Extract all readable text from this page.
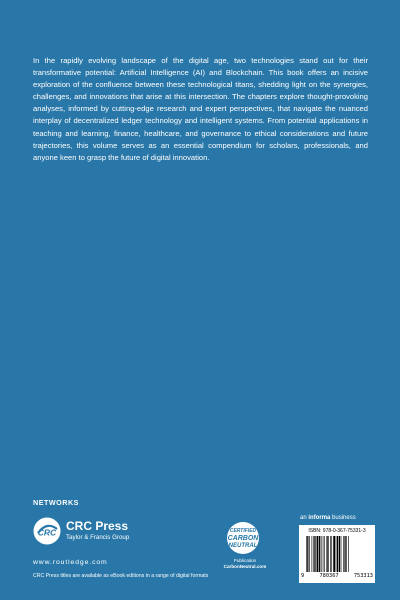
In the rapidly evolving landscape of the digital age, two technologies stand out for their transformative potential: Artificial Intelligence (AI) and Blockchain. This book offers an incisive exploration of the confluence between these technological titans, shedding light on the synergies, challenges, and innovations that arise at this intersection. The chapters explore thought-provoking analyses, informed by cutting-edge research and expert perspectives, that navigate the nuanced interplay of decentralized ledger technology and intelligent systems. From potential applications in teaching and learning, finance, healthcare, and governance to ethical considerations and future trajectories, this volume serves as an essential compendium for scholars, professionals, and anyone keen to grasp the future of digital innovation.

NETWORKS
CRC CRC Press
Taylor & Francis Group
www.routledge.com
CRC Press titles are available as eBook editions in a range of digital formats
CERTIFIED
CARBON
NEUTRAL
Publication
CarbonNeutral.com
an informa business
ISBN: 978-0-367-75331-3
9	780367	753313
